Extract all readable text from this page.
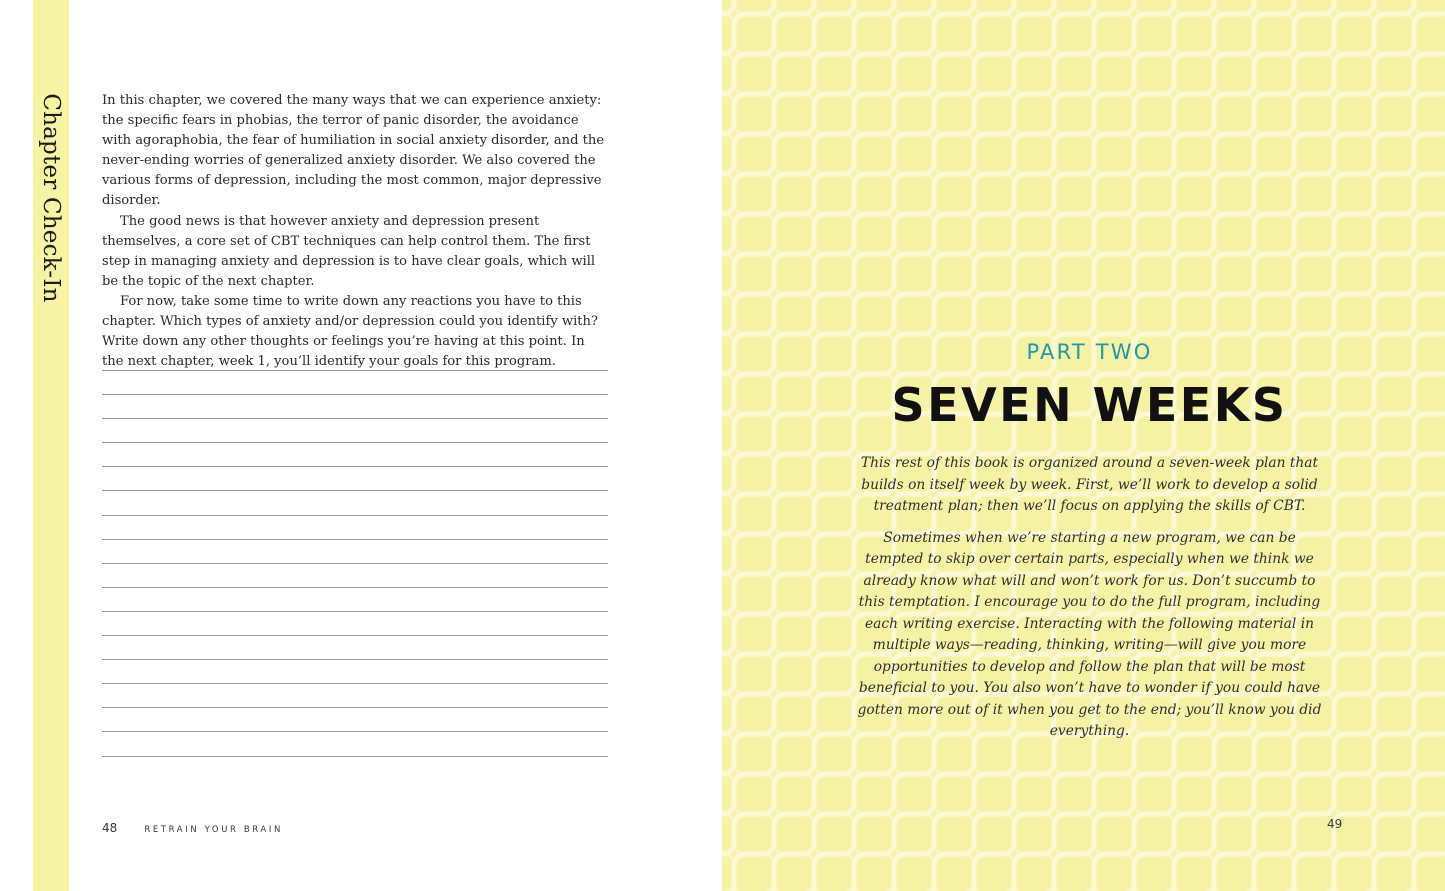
Chapter Check-In	In this chapter, we covered the many ways that we can experience anxiety: the specific fears in phobias, the terror of panic disorder, the avoidance with agoraphobia, the fear of humiliation in social anxiety disorder, and the never-ending worries of generalized anxiety disorder. We also covered the various forms of depression, including the most common, major depressive disorder.

The good news is that however anxiety and depression present themselves, a core set of CBT techniques can help control them. The first step in managing anxiety and depression is to have clear goals, which will be the topic of the next chapter.

For now, take some time to write down any reactions you have to this chapter. Which types of anxiety and/or depression could you identify with? Write down any other thoughts or feelings you’re having at this point. In the next chapter, week 1, you’ll identify your goals for this program.

48	RETRAIN YOUR BRAIN
PART TWO
SEVEN WEEKS

This rest of this book is organized around a seven-week plan that builds on itself week by week. First, we’ll work to develop a solid treatment plan; then we’ll focus on applying the skills of CBT.

Sometimes when we’re starting a new program, we can be tempted to skip over certain parts, especially when we think we already know what will and won’t work for us. Don’t succumb to this temptation. I encourage you to do the full program, including each writing exercise. Interacting with the following material in multiple ways—reading, thinking, writing—will give you more opportunities to develop and follow the plan that will be most beneficial to you. You also won’t have to wonder if you could have gotten more out of it when you get to the end; you’ll know you did everything.

49
